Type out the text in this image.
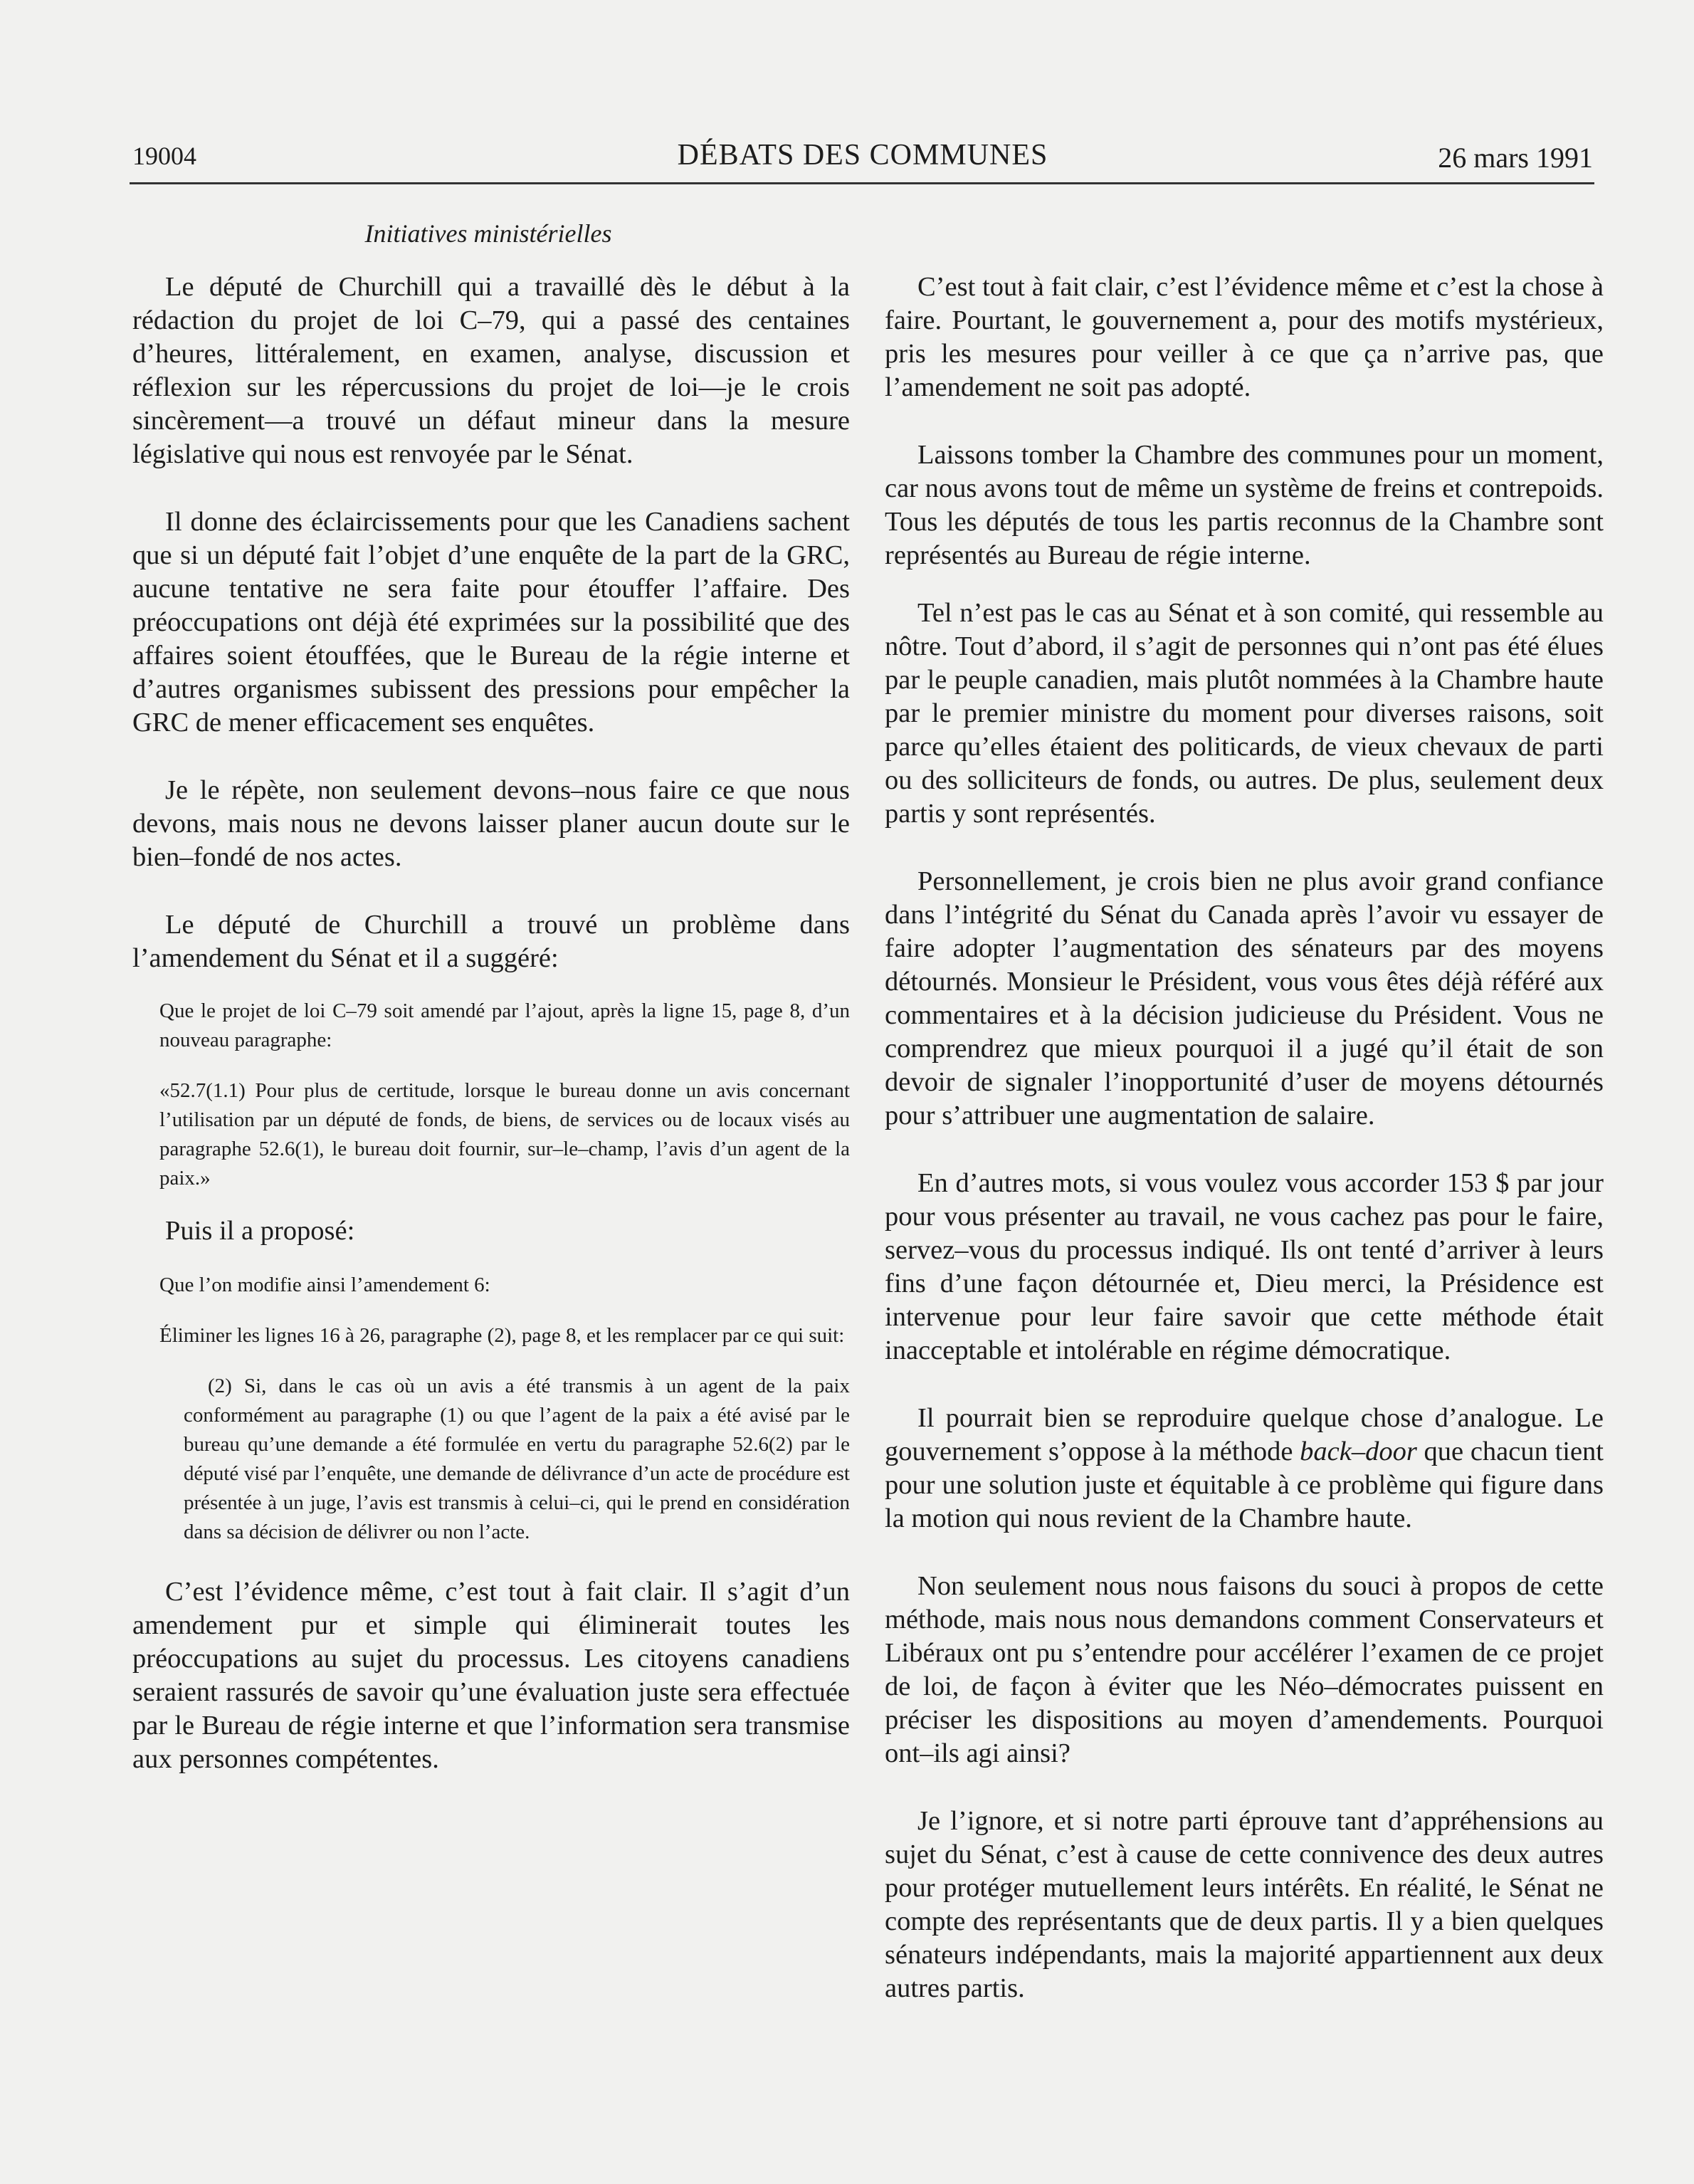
19004	DÉBATS DES COMMUNES	26 mars 1991
Initiatives ministérielles

Le député de Churchill qui a travaillé dès le début à la rédaction du projet de loi C–79, qui a passé des centaines d’heures, littéralement, en examen, analyse, discussion et réflexion sur les répercussions du projet de loi—je le crois sincèrement—a trouvé un défaut mineur dans la mesure législative qui nous est renvoyée par le Sénat.

Il donne des éclaircissements pour que les Canadiens sachent que si un député fait l’objet d’une enquête de la part de la GRC, aucune tentative ne sera faite pour étouffer l’affaire. Des préoccupations ont déjà été exprimées sur la possibilité que des affaires soient étouffées, que le Bureau de la régie interne et d’autres organismes subissent des pressions pour empêcher la GRC de mener efficacement ses enquêtes.

Je le répète, non seulement devons–nous faire ce que nous devons, mais nous ne devons laisser planer aucun doute sur le bien–fondé de nos actes.

Le député de Churchill a trouvé un problème dans l’amendement du Sénat et il a suggéré:

Que le projet de loi C–79 soit amendé par l’ajout, après la ligne 15, page 8, d’un nouveau paragraphe:

«52.7(1.1) Pour plus de certitude, lorsque le bureau donne un avis concernant l’utilisation par un député de fonds, de biens, de services ou de locaux visés au paragraphe 52.6(1), le bureau doit fournir, sur–le–champ, l’avis d’un agent de la paix.»

Puis il a proposé:

Que l’on modifie ainsi l’amendement 6:

Éliminer les lignes 16 à 26, paragraphe (2), page 8, et les remplacer par ce qui suit:

(2) Si, dans le cas où un avis a été transmis à un agent de la paix conformément au paragraphe (1) ou que l’agent de la paix a été avisé par le bureau qu’une demande a été formulée en vertu du paragraphe 52.6(2) par le député visé par l’enquête, une demande de délivrance d’un acte de procédure est présentée à un juge, l’avis est transmis à celui–ci, qui le prend en considération dans sa décision de délivrer ou non l’acte.

C’est l’évidence même, c’est tout à fait clair. Il s’agit d’un amendement pur et simple qui éliminerait toutes les préoccupations au sujet du processus. Les citoyens canadiens seraient rassurés de savoir qu’une évaluation juste sera effectuée par le Bureau de régie interne et que l’information sera transmise aux personnes compétentes.

C’est tout à fait clair, c’est l’évidence même et c’est la chose à faire. Pourtant, le gouvernement a, pour des motifs mystérieux, pris les mesures pour veiller à ce que ça n’arrive pas, que l’amendement ne soit pas adopté.

Laissons tomber la Chambre des communes pour un moment, car nous avons tout de même un système de freins et contrepoids. Tous les députés de tous les partis reconnus de la Chambre sont représentés au Bureau de régie interne.

Tel n’est pas le cas au Sénat et à son comité, qui ressemble au nôtre. Tout d’abord, il s’agit de personnes qui n’ont pas été élues par le peuple canadien, mais plutôt nommées à la Chambre haute par le premier ministre du moment pour diverses raisons, soit parce qu’elles étaient des politicards, de vieux chevaux de parti ou des solliciteurs de fonds, ou autres. De plus, seulement deux partis y sont représentés.

Personnellement, je crois bien ne plus avoir grand confiance dans l’intégrité du Sénat du Canada après l’avoir vu essayer de faire adopter l’augmentation des sénateurs par des moyens détournés. Monsieur le Président, vous vous êtes déjà référé aux commentaires et à la décision judicieuse du Président. Vous ne comprendrez que mieux pourquoi il a jugé qu’il était de son devoir de signaler l’inopportunité d’user de moyens détournés pour s’attribuer une augmentation de salaire.

En d’autres mots, si vous voulez vous accorder 153 $ par jour pour vous présenter au travail, ne vous cachez pas pour le faire, servez–vous du processus indiqué. Ils ont tenté d’arriver à leurs fins d’une façon détournée et, Dieu merci, la Présidence est intervenue pour leur faire savoir que cette méthode était inacceptable et intolérable en régime démocratique.

Il pourrait bien se reproduire quelque chose d’analogue. Le gouvernement s’oppose à la méthode back–door que chacun tient pour une solution juste et équitable à ce problème qui figure dans la motion qui nous revient de la Chambre haute.

Non seulement nous nous faisons du souci à propos de cette méthode, mais nous nous demandons comment Conservateurs et Libéraux ont pu s’entendre pour accélérer l’examen de ce projet de loi, de façon à éviter que les Néo–démocrates puissent en préciser les dispositions au moyen d’amendements. Pourquoi ont–ils agi ainsi?

Je l’ignore, et si notre parti éprouve tant d’appréhensions au sujet du Sénat, c’est à cause de cette connivence des deux autres pour protéger mutuellement leurs intérêts. En réalité, le Sénat ne compte des représentants que de deux partis. Il y a bien quelques sénateurs indépendants, mais la majorité appartiennent aux deux autres partis.
